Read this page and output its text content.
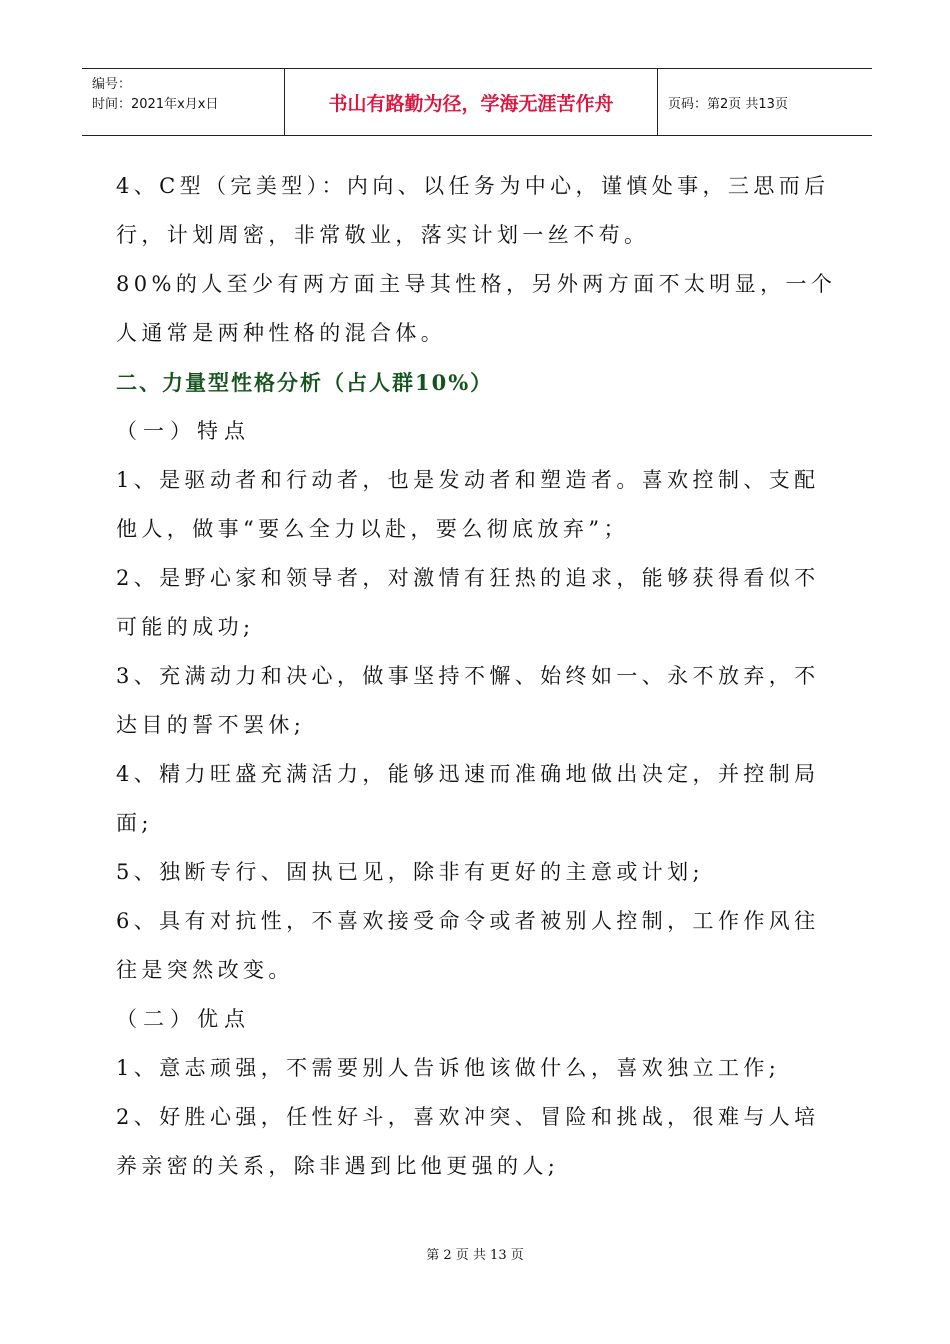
编号：
时间：2021年x月x日	书山有路勤为径，学海无涯苦作舟	页码：第2页 共13页
4、C型（完美型）：内向、以任务为中心，谨慎处事，三思而后
行，计划周密，非常敬业，落实计划一丝不苟。
80%的人至少有两方面主导其性格，另外两方面不太明显，一个
人通常是两种性格的混合体。
二、力量型性格分析（占人群10%）
（一）特点
1、是驱动者和行动者，也是发动者和塑造者。喜欢控制、支配
他人，做事“要么全力以赴，要么彻底放弃”；
2、是野心家和领导者，对激情有狂热的追求，能够获得看似不
可能的成功;
3、充满动力和决心，做事坚持不懈、始终如一、永不放弃，不
达目的誓不罢休;
4、精力旺盛充满活力，能够迅速而准确地做出决定，并控制局
面;
5、独断专行、固执已见，除非有更好的主意或计划;
6、具有对抗性，不喜欢接受命令或者被别人控制，工作作风往
往是突然改变。
（二）优点
1、意志顽强，不需要别人告诉他该做什么，喜欢独立工作;
2、好胜心强，任性好斗，喜欢冲突、冒险和挑战，很难与人培
养亲密的关系，除非遇到比他更强的人;
第 2 页 共 13 页
